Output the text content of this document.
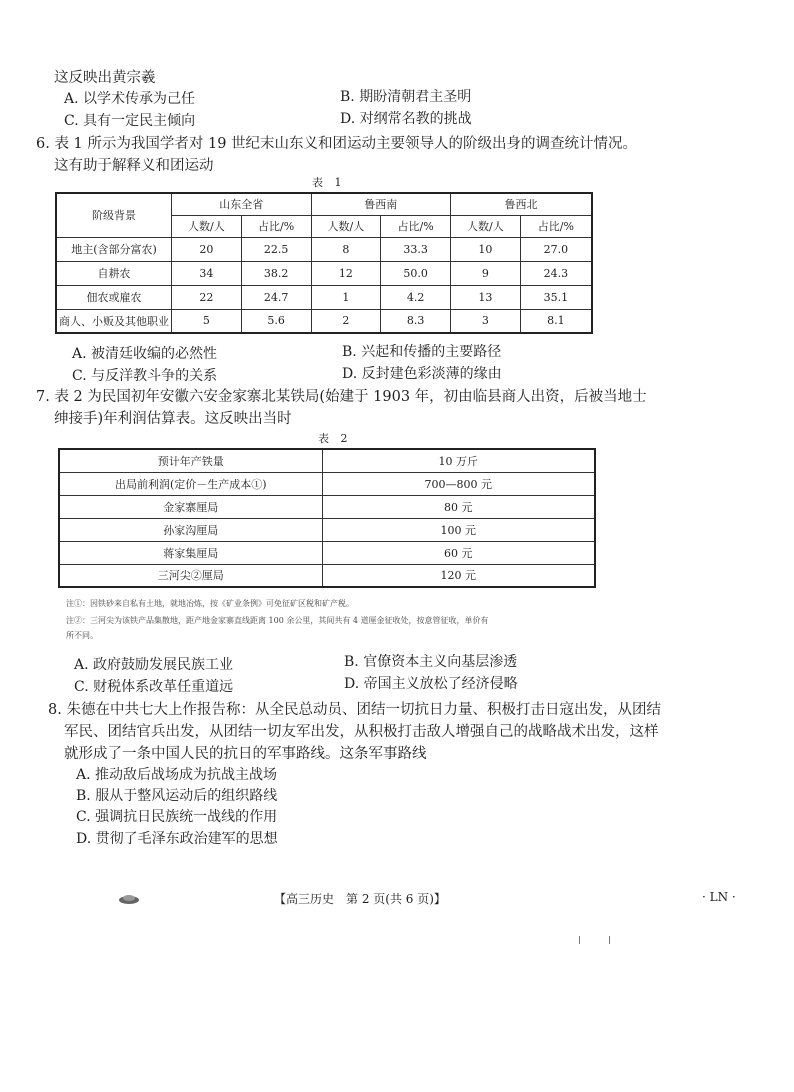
这反映出黄宗羲
A. 以学术传承为己任	B. 期盼清朝君主圣明
C. 具有一定民主倾向	D. 对纲常名教的挑战
6. 表 1 所示为我国学者对 19 世纪末山东义和团运动主要领导人的阶级出身的调查统计情况。
这有助于解释义和团运动
表 1
阶级背景	山东全省		鲁西南		鲁西北	
	人数/人	占比/%	人数/人	占比/%	人数/人	占比/%
地主(含部分富农)	20	22.5	8	33.3	10	27.0
自耕农	34	38.2	12	50.0	9	24.3
佃农或雇农	22	24.7	1	4.2	13	35.1
商人、小贩及其他职业	5	5.6	2	8.3	3	8.1
A. 被清廷收编的必然性	B. 兴起和传播的主要路径
C. 与反洋教斗争的关系	D. 反封建色彩淡薄的缘由
7. 表 2 为民国初年安徽六安金家寨北某铁局(始建于 1903 年，初由临县商人出资，后被当地士
绅接手)年利润估算表。这反映出当时
表 2
预计年产铁量	10 万斤
出局前利润(定价－生产成本①)	700—800 元
金家寨厘局	80 元
孙家沟厘局	100 元
蒋家集厘局	60 元
三河尖②厘局	120 元
注①：因铁砂来自私有土地，就地冶炼，按《矿业条例》可免征矿区税和矿产税。
注②：三河尖为该铁产品集散地，距产地金家寨直线距离 100 余公里，其间共有 4 道厘金征收处，按意管征收，单价有
所不同。
A. 政府鼓励发展民族工业	B. 官僚资本主义向基层渗透
C. 财税体系改革任重道远	D. 帝国主义放松了经济侵略
8. 朱德在中共七大上作报告称：从全民总动员、团结一切抗日力量、积极打击日寇出发，从团结
军民、团结官兵出发，从团结一切友军出发，从积极打击敌人增强自己的战略战术出发，这样
就形成了一条中国人民的抗日的军事路线。这条军事路线
A. 推动敌后战场成为抗战主战场
B. 服从于整风运动后的组织路线
C. 强调抗日民族统一战线的作用
D. 贯彻了毛泽东政治建军的思想
【高三历史　第 2 页(共 6 页)】	· LN ·
